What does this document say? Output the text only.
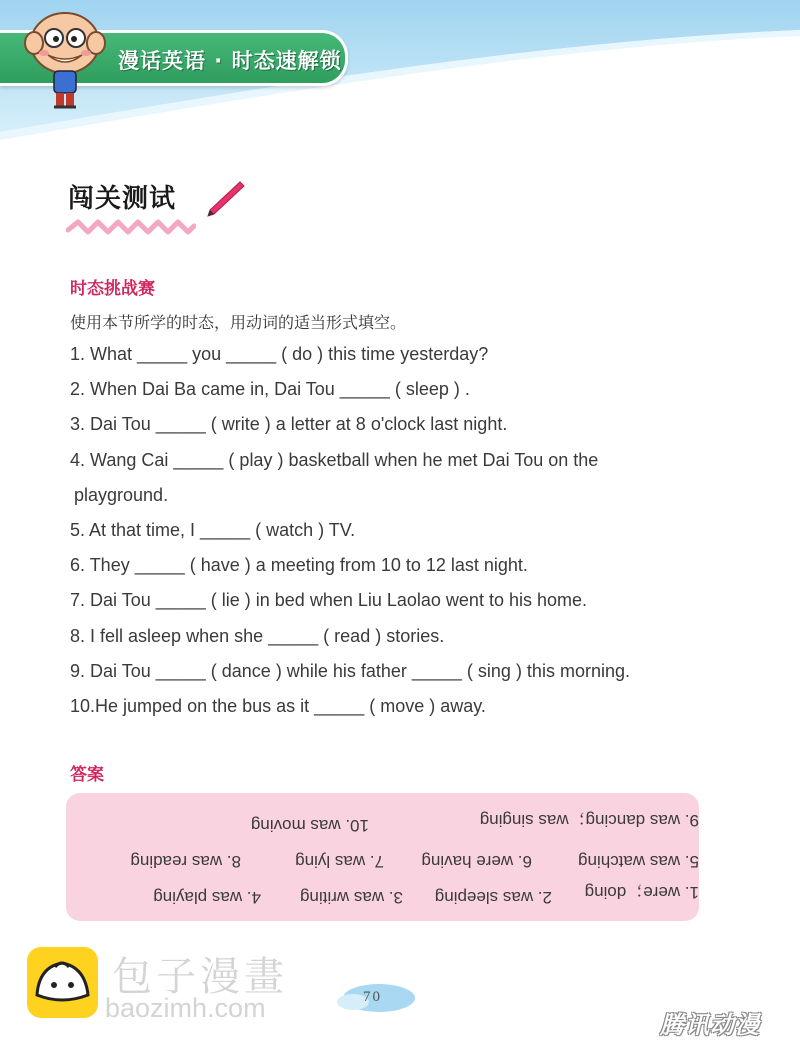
漫话英语 · 时态速解锁
闯关测试
时态挑战赛
使用本节所学的时态，用动词的适当形式填空。
1. What _____ you _____ ( do ) this time yesterday?
2. When Dai Ba came in, Dai Tou _____ ( sleep ) .
3. Dai Tou _____ ( write ) a letter at 8 o'clock last night.
4. Wang Cai _____ ( play ) basketball when he met Dai Tou on the
playground.
5. At that time, I _____ ( watch ) TV.
6. They _____ ( have ) a meeting from 10 to 12 last night.
7. Dai Tou _____ ( lie ) in bed when Liu Laolao went to his home.
8. I fell asleep when she _____ ( read ) stories.
9. Dai Tou _____ ( dance ) while his father _____ ( sing ) this morning.
10.He jumped on the bus as it _____ ( move ) away.
答案
1. were；doing
2. was sleeping
3. was writing
4. was playing
5. was watching
6. were having
7. was lying
8. was reading
9. was dancing；was singing
10. was moving
包子漫畫
baozimh.com	70
腾讯动漫
